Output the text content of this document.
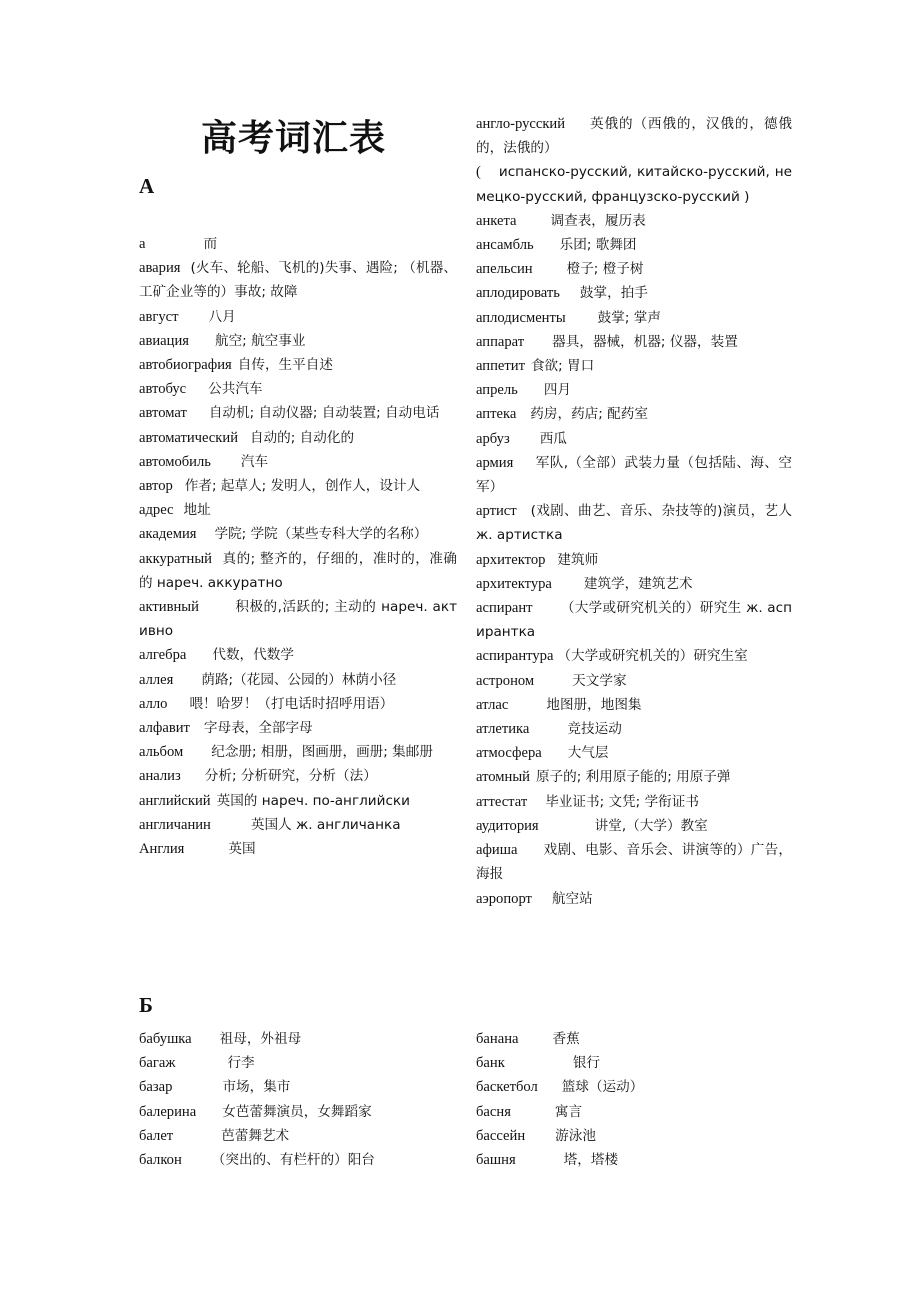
高考词汇表
А

а	而

авария (火车、轮船、飞机的)失事、遇险; （机器、工矿企业等的）事故; 故障

август 八月

авиация 航空; 航空事业

автобиография 自传，生平自述

автобус 公共汽车

автомат 自动机; 自动仪器; 自动装置; 自动电话

автоматический 自动的; 自动化的

автомобиль 汽车

автор 作者; 起草人; 发明人，创作人，设计人

адрес 地址

академия 学院; 学院（某些专科大学的名称）

аккуратный 真的; 整齐的，仔细的，准时的，准确的 нареч. аккуратно

активный	积极的,活跃的; 主动的 нареч. активно

алгебра 代数，代数学

аллея 荫路;（花园、公园的）林荫小径

алло 喂！哈罗！（打电话时招呼用语）

алфавит 字母表，全部字母

альбом 纪念册; 相册，图画册，画册; 集邮册

анализ 分析; 分析研究，分析（法）

английский 英国的 нареч. по-английски

англичанин	英国人 ж. англичанка

Англия	英国

англо-русский 英俄的（西俄的，汉俄的，德俄的，法俄的）

( испанско-русский, китайско-русский, немецко-русский, французско-русский )

анкета	调查表，履历表

ансамбль 乐团; 歌舞团

апельсин	橙子; 橙子树

аплодировать 鼓掌，拍手

аплодисменты 鼓掌; 掌声

аппарат 器具，器械，机器; 仪器，装置

аппетит 食欲; 胃口

апрель 四月

аптека 药房，药店; 配药室

арбуз 西瓜

армия 军队,（全部）武装力量（包括陆、海、空军）

артист (戏剧、曲艺、音乐、杂技等的)演员，艺人 ж. артистка

архитектор 建筑师

архитектура 建筑学，建筑艺术

аспирант （大学或研究机关的）研究生 ж. аспирантка

аспирантура （大学或研究机关的）研究生室

астроном	天文学家

атлас	地图册，地图集

атлетика	竞技运动

атмосфера 大气层

атомный 原子的; 利用原子能的; 用原子弹

аттестат 毕业证书; 文凭; 学衔证书

аудитория	讲堂,（大学）教室

афиша 戏剧、电影、音乐会、讲演等的）广告，海报

аэропорт 航空站

Б

бабушка 祖母，外祖母

багаж	行李

базар	市场，集市

балерина 女芭蕾舞演员，女舞蹈家

балет	芭蕾舞艺术

балкон （突出的、有栏杆的）阳台

банана	香蕉

банк	银行

баскетбол 篮球（运动）

басня	寓言

бассейн 游泳池

башня	塔，塔楼
